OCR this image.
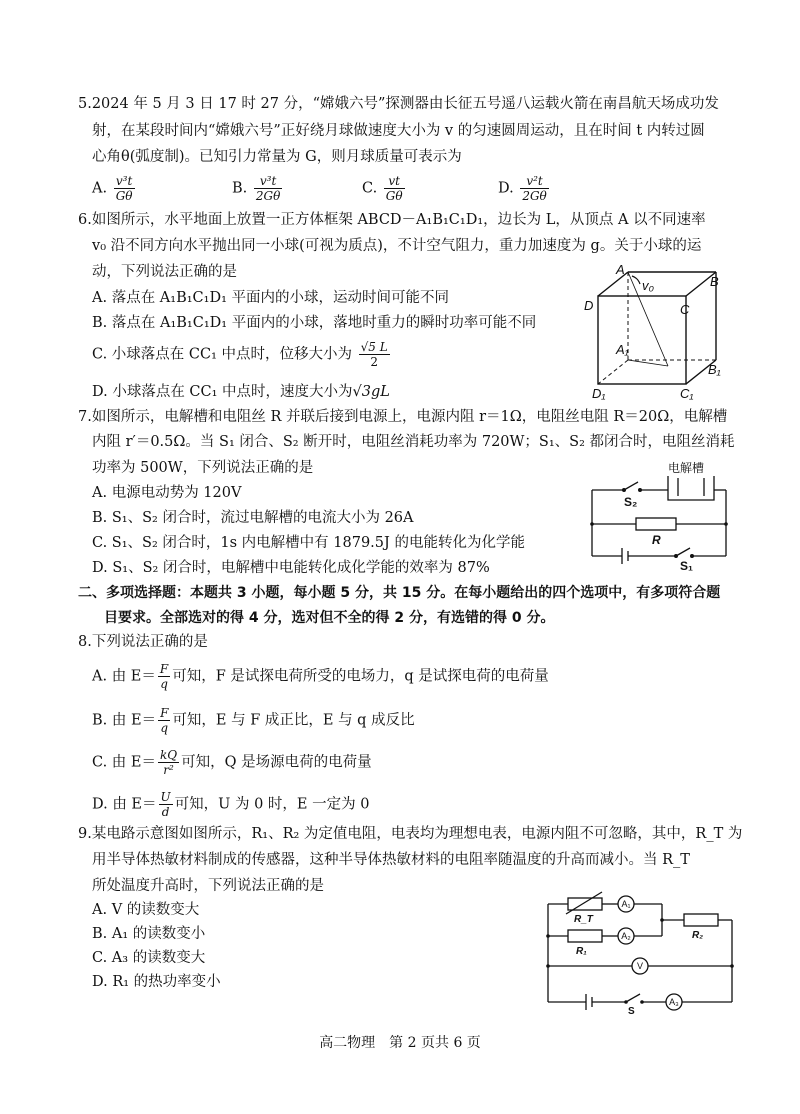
5.2024 年 5 月 3 日 17 时 27 分，“嫦娥六号”探测器由长征五号遥八运载火箭在南昌航天场成功发
射，在某段时间内“嫦娥六号”正好绕月球做速度大小为 v 的匀速圆周运动，且在时间 t 内转过圆
心角θ(弧度制)。已知引力常量为 G，则月球质量可表示为
A. $\frac{\text{v³t}}{G\theta}$	B. $\frac{\text{v³t}}{2G\theta}$	C. $\frac{vt}{G\theta}$	D. $\frac{\text{v²t}}{2G\theta}$
6.如图所示，水平地面上放置一正方体框架 ABCD－A₁B₁C₁D₁，边长为 L，从顶点 A 以不同速率
v₀ 沿不同方向水平抛出同一小球(可视为质点)，不计空气阻力，重力加速度为 g。关于小球的运
动，下列说法正确的是
A. 落点在 A₁B₁C₁D₁ 平面内的小球，运动时间可能不同
B. 落点在 A₁B₁C₁D₁ 平面内的小球，落地时重力的瞬时功率可能不同
C. 小球落点在 CC₁ 中点时，位移大小为 $\frac{√5 L}{2}$
D. 小球落点在 CC₁ 中点时，速度大小为√3gL
A
B
C
D
A₁
B₁
C₁
D₁
v₀
7.如图所示，电解槽和电阻丝 R 并联后接到电源上，电源内阻 r＝1Ω，电阻丝电阻 R＝20Ω，电解槽
内阻 r′＝0.5Ω。当 S₁ 闭合、S₂ 断开时，电阻丝消耗功率为 720W；S₁、S₂ 都闭合时，电阻丝消耗
功率为 500W，下列说法正确的是
A. 电源电动势为 120V
B. S₁、S₂ 闭合时，流过电解槽的电流大小为 26A
C. S₁、S₂ 闭合时，1s 内电解槽中有 1879.5J 的电能转化为化学能
D. S₁、S₂ 闭合时，电解槽中电能转化成化学能的效率为 87%
电解槽
S₂
R
S₁
二、多项选择题：本题共 3 小题，每小题 5 分，共 15 分。在每小题给出的四个选项中，有多项符合题
目要求。全部选对的得 4 分，选对但不全的得 2 分，有选错的得 0 分。
8.下列说法正确的是
A. 由 $E= \frac{F}{q}$ 可知，F 是试探电荷所受的电场力，q 是试探电荷的电荷量
B. 由 $E= \frac{F}{q}$ 可知，E 与 F 成正比，E 与 q 成反比
C. 由 $E= \frac{kQ}{\text{r²}}$ 可知，Q 是场源电荷的电荷量
D. 由 $E= \frac{U}{d}$ 可知，U 为 0 时，E 一定为 0
9.某电路示意图如图所示，R₁、R₂ 为定值电阻，电表均为理想电表，电源内阻不可忽略，其中，R_T 为
用半导体热敏材料制成的传感器，这种半导体热敏材料的电阻率随温度的升高而减小。当 R_T
所处温度升高时，下列说法正确的是
A. V 的读数变大
B. A₁ 的读数变小
C. A₃ 的读数变大
D. R₁ 的热功率变小
A₁
A₂
V
A₃
R_T
R₁
R₂
S
高二物理　第 2 页共 6 页
